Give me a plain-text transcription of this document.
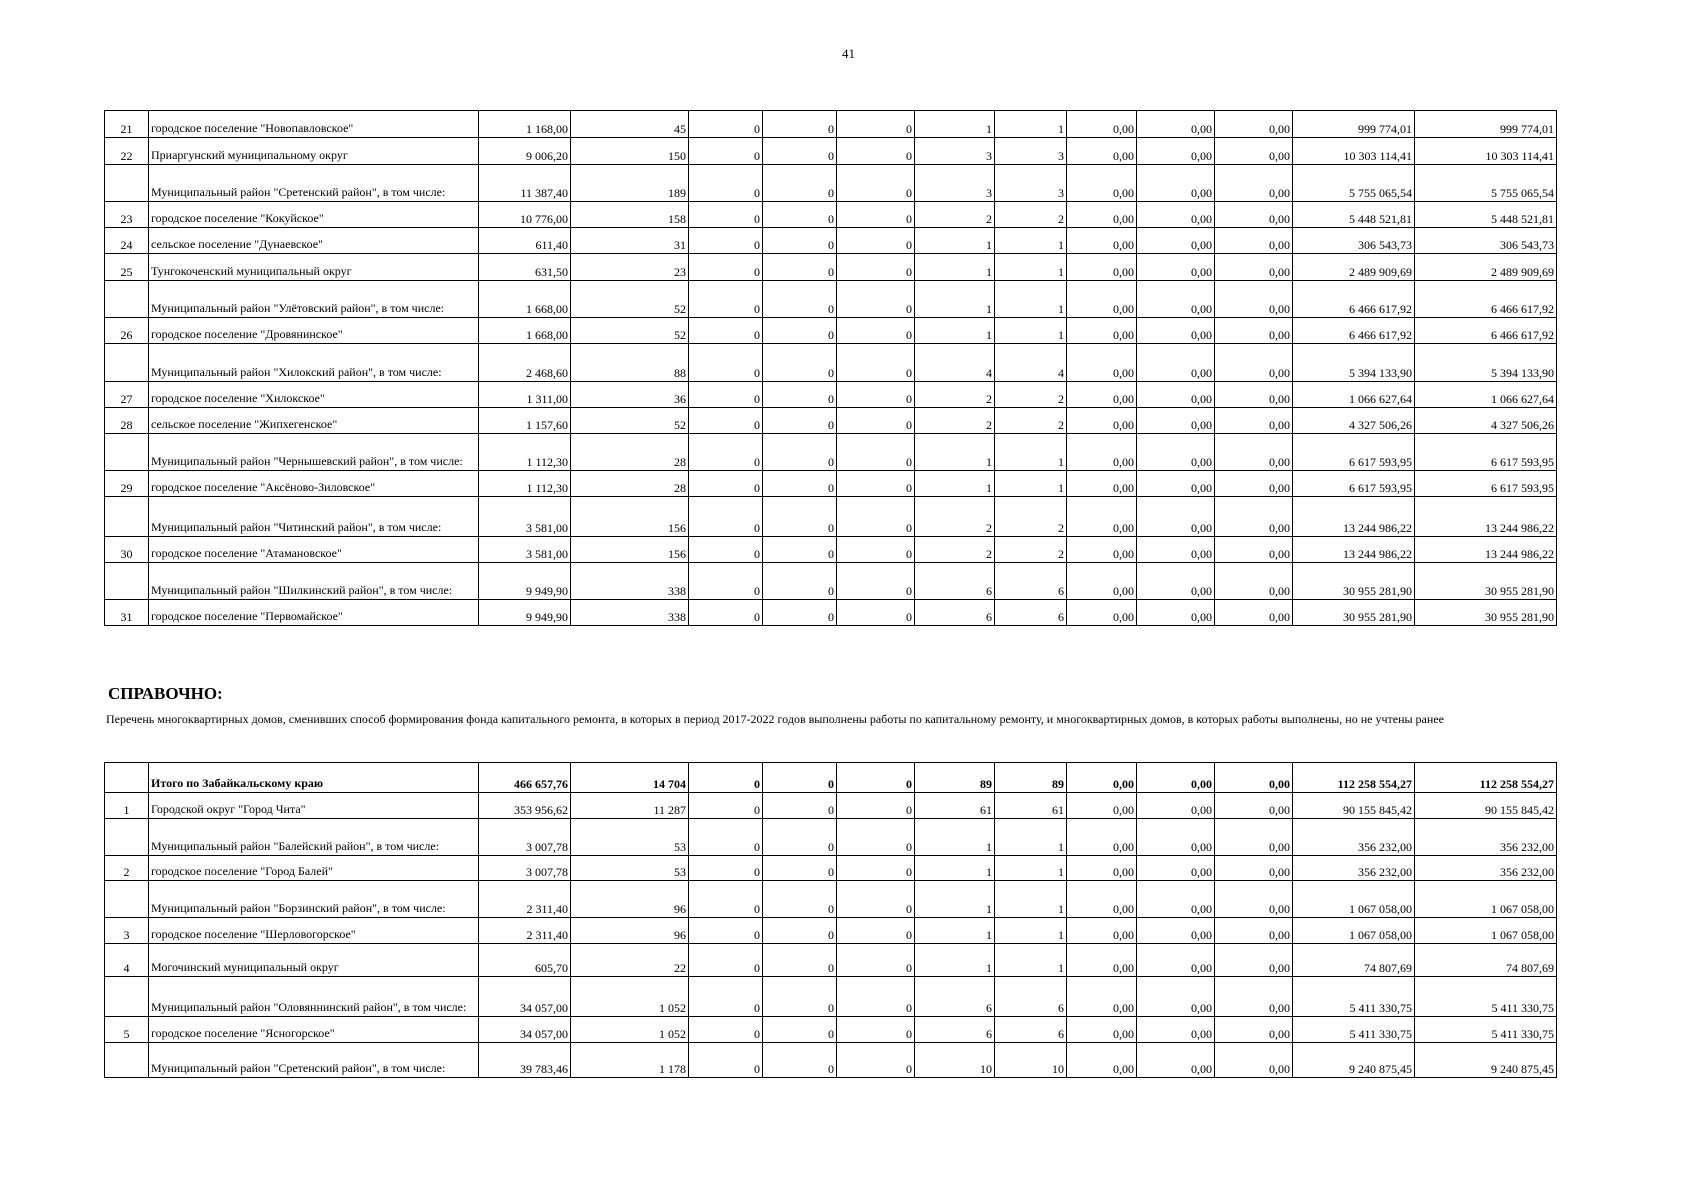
41
21	городское поселение "Новопавловское"	1 168,00	45	0	0	0	1	1	0,00	0,00	0,00	999 774,01	999 774,01
22	Приаргунский муниципальному округ	9 006,20	150	0	0	0	3	3	0,00	0,00	0,00	10 303 114,41	10 303 114,41
	Муниципальный район "Сретенский район", в том числе:	11 387,40	189	0	0	0	3	3	0,00	0,00	0,00	5 755 065,54	5 755 065,54
23	городское поселение "Кокуйское"	10 776,00	158	0	0	0	2	2	0,00	0,00	0,00	5 448 521,81	5 448 521,81
24	сельское поселение "Дунаевское"	611,40	31	0	0	0	1	1	0,00	0,00	0,00	306 543,73	306 543,73
25	Тунгокоченский муниципальный округ	631,50	23	0	0	0	1	1	0,00	0,00	0,00	2 489 909,69	2 489 909,69
	Муниципальный район "Улётовский район", в том числе:	1 668,00	52	0	0	0	1	1	0,00	0,00	0,00	6 466 617,92	6 466 617,92
26	городское поселение "Дровянинское"	1 668,00	52	0	0	0	1	1	0,00	0,00	0,00	6 466 617,92	6 466 617,92
	Муниципальный район "Хилокский район", в том числе:	2 468,60	88	0	0	0	4	4	0,00	0,00	0,00	5 394 133,90	5 394 133,90
27	городское поселение "Хилокское"	1 311,00	36	0	0	0	2	2	0,00	0,00	0,00	1 066 627,64	1 066 627,64
28	сельское поселение "Жипхегенское"	1 157,60	52	0	0	0	2	2	0,00	0,00	0,00	4 327 506,26	4 327 506,26
	Муниципальный район "Чернышевский район", в том числе:	1 112,30	28	0	0	0	1	1	0,00	0,00	0,00	6 617 593,95	6 617 593,95
29	городское поселение "Аксёново-Зиловское"	1 112,30	28	0	0	0	1	1	0,00	0,00	0,00	6 617 593,95	6 617 593,95
	Муниципальный район "Читинский район", в том числе:	3 581,00	156	0	0	0	2	2	0,00	0,00	0,00	13 244 986,22	13 244 986,22
30	городское поселение "Атамановское"	3 581,00	156	0	0	0	2	2	0,00	0,00	0,00	13 244 986,22	13 244 986,22
	Муниципальный район "Шилкинский район", в том числе:	9 949,90	338	0	0	0	6	6	0,00	0,00	0,00	30 955 281,90	30 955 281,90
31	городское поселение "Первомайское"	9 949,90	338	0	0	0	6	6	0,00	0,00	0,00	30 955 281,90	30 955 281,90
СПРАВОЧНО:
Перечень многоквартирных домов, сменивших способ формирования фонда капитального ремонта, в которых в период 2017-2022 годов выполнены работы по капитальному ремонту, и многоквартирных домов, в которых работы выполнены, но не учтены ранее
	Итого по Забайкальскому краю	466 657,76	14 704	0	0	0	89	89	0,00	0,00	0,00	112 258 554,27	112 258 554,27
1	Городской округ "Город Чита"	353 956,62	11 287	0	0	0	61	61	0,00	0,00	0,00	90 155 845,42	90 155 845,42
	Муниципальный район "Балейский район", в том числе:	3 007,78	53	0	0	0	1	1	0,00	0,00	0,00	356 232,00	356 232,00
2	городское поселение "Город Балей"	3 007,78	53	0	0	0	1	1	0,00	0,00	0,00	356 232,00	356 232,00
	Муниципальный район "Борзинский район", в том числе:	2 311,40	96	0	0	0	1	1	0,00	0,00	0,00	1 067 058,00	1 067 058,00
3	городское поселение "Шерловогорское"	2 311,40	96	0	0	0	1	1	0,00	0,00	0,00	1 067 058,00	1 067 058,00
4	Могочинский муниципальный округ	605,70	22	0	0	0	1	1	0,00	0,00	0,00	74 807,69	74 807,69
	Муниципальный район "Оловяннинский район", в том числе:	34 057,00	1 052	0	0	0	6	6	0,00	0,00	0,00	5 411 330,75	5 411 330,75
5	городское поселение "Ясногорское"	34 057,00	1 052	0	0	0	6	6	0,00	0,00	0,00	5 411 330,75	5 411 330,75
	Муниципальный район "Сретенский район", в том числе:	39 783,46	1 178	0	0	0	10	10	0,00	0,00	0,00	9 240 875,45	9 240 875,45
